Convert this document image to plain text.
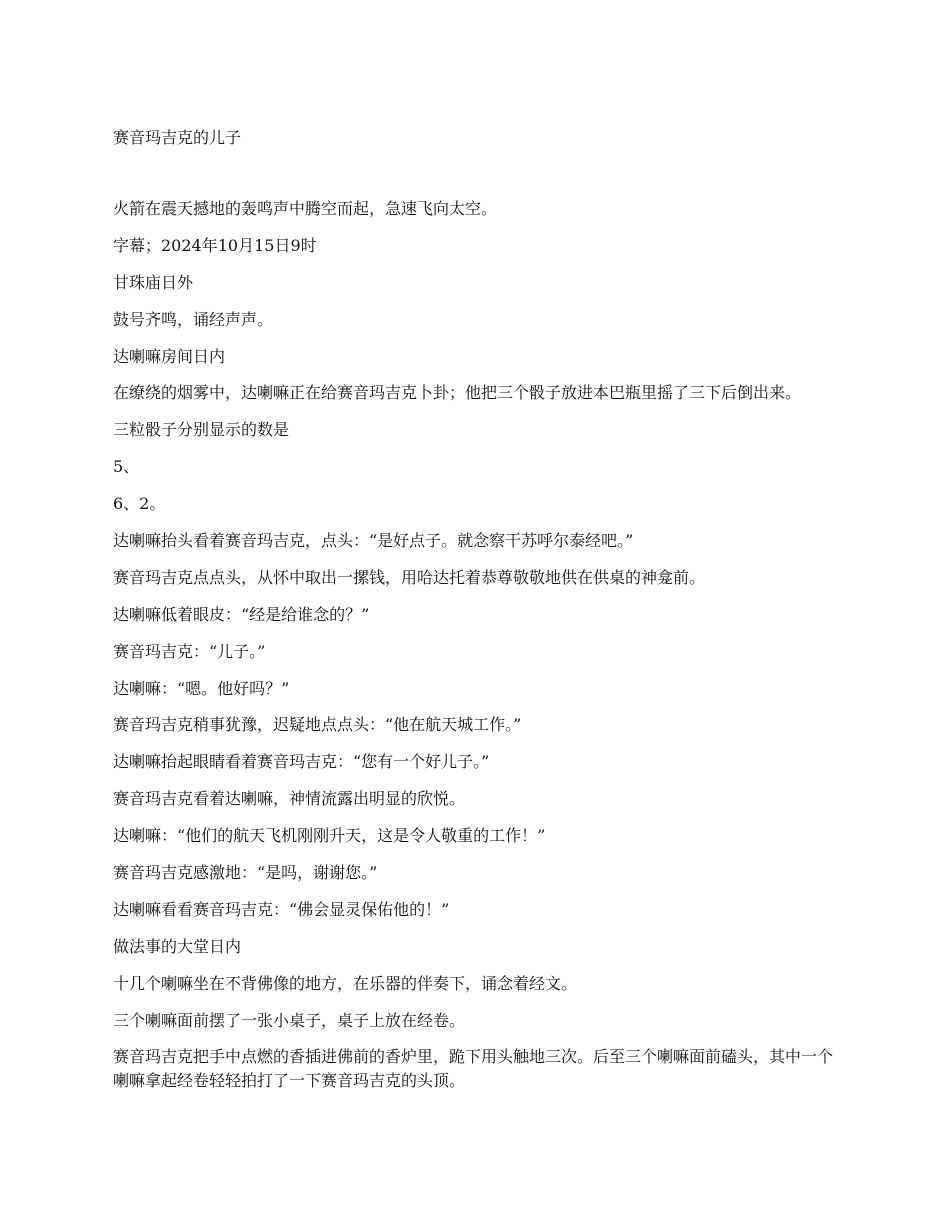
赛音玛吉克的儿子

火箭在震天撼地的轰鸣声中腾空而起，急速飞向太空。

字幕；2024年10月15日9时

甘珠庙日外

鼓号齐鸣，诵经声声。

达喇嘛房间日内

在缭绕的烟雾中，达喇嘛正在给赛音玛吉克卜卦；他把三个骰子放进本巴瓶里摇了三下后倒出来。

三粒骰子分别显示的数是

5、

6、2。

达喇嘛抬头看着赛音玛吉克，点头：“是好点子。就念察干苏呼尔泰经吧。”

赛音玛吉克点点头，从怀中取出一摞钱，用哈达托着恭尊敬敬地供在供桌的神龛前。

达喇嘛低着眼皮：“经是给谁念的？”

赛音玛吉克：“儿子。”

达喇嘛：“嗯。他好吗？”

赛音玛吉克稍事犹豫，迟疑地点点头：“他在航天城工作。”

达喇嘛抬起眼睛看着赛音玛吉克：“您有一个好儿子。”

赛音玛吉克看着达喇嘛，神情流露出明显的欣悦。

达喇嘛：“他们的航天飞机刚刚升天，这是令人敬重的工作！”

赛音玛吉克感激地：“是吗，谢谢您。”

达喇嘛看看赛音玛吉克：“佛会显灵保佑他的！”

做法事的大堂日内

十几个喇嘛坐在不背佛像的地方，在乐器的伴奏下，诵念着经文。

三个喇嘛面前摆了一张小桌子，桌子上放在经卷。

赛音玛吉克把手中点燃的香插进佛前的香炉里，跪下用头触地三次。后至三个喇嘛面前磕头，其中一个喇嘛拿起经卷轻轻拍打了一下赛音玛吉克的头顶。
